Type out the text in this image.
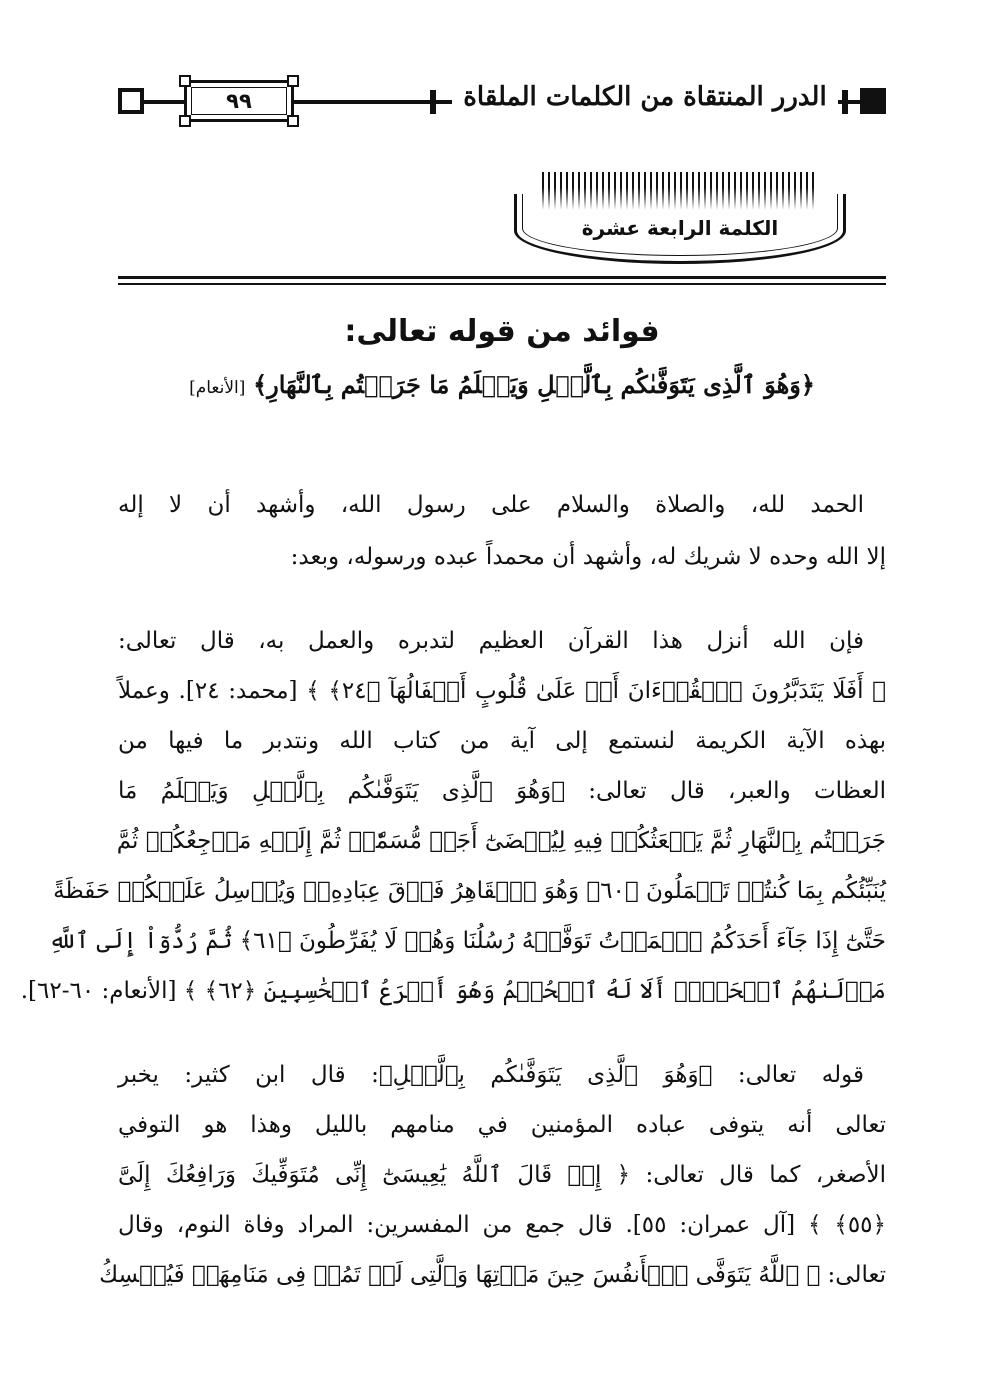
٩٩	الدرر المنتقاة من الكلمات الملقاة
الكلمة الرابعة عشرة
فوائد من قوله تعالى:
﴿وَهُوَ ٱلَّذِى يَتَوَفَّىٰكُم بِٱلَّيۡلِ وَيَعۡلَمُ مَا جَرَحۡتُم بِٱلنَّهَارِ﴾ [الأنعام]
الحمد لله، والصلاة والسلام على رسول الله، وأشهد أن لا إله
إلا الله وحده لا شريك له، وأشهد أن محمداً عبده ورسوله، وبعد:
فإن الله أنزل هذا القرآن العظيم لتدبره والعمل به، قال تعالى:
﴿ أَفَلَا يَتَدَبَّرُونَ ٱلۡقُرۡءَانَ أَمۡ عَلَىٰ قُلُوبٍ أَقۡفَالُهَآ ﴿٢٤﴾ ﴾ [محمد: ٢٤]. وعملاً
بهذه الآية الكريمة لنستمع إلى آية من كتاب الله ونتدبر ما فيها من
العظات والعبر، قال تعالى: ﴿وَهُوَ ٱلَّذِى يَتَوَفَّىٰكُم بِٱلَّيۡلِ وَيَعۡلَمُ مَا
جَرَحۡتُم بِٱلنَّهَارِ ثُمَّ يَبۡعَثُكُمۡ فِيهِ لِيُقۡضَىٰٓ أَجَلٞ مُّسَمّٗىۖ ثُمَّ إِلَيۡهِ مَرۡجِعُكُمۡ ثُمَّ
يُنَبِّئُكُم بِمَا كُنتُمۡ تَعۡمَلُونَ ﴿٦٠﴾ وَهُوَ ٱلۡقَاهِرُ فَوۡقَ عِبَادِهِۦۖ وَيُرۡسِلُ عَلَيۡكُمۡ حَفَظَةً
حَتَّىٰٓ إِذَا جَآءَ أَحَدَكُمُ ٱلۡمَوۡتُ تَوَفَّتۡهُ رُسُلُنَا وَهُمۡ لَا يُفَرِّطُونَ ﴿٦١﴾ ثُمَّ رُدُّوٓاْ إِلَى ٱللَّهِ
مَوۡلَىٰهُمُ ٱلۡحَقِّۚ أَلَا لَهُ ٱلۡحُكۡمُ وَهُوَ أَسۡرَعُ ٱلۡحَٰسِبِينَ ﴿٦٢﴾ ﴾ [الأنعام: ٦٠-٦٢].
قوله تعالى: ﴿وَهُوَ ٱلَّذِى يَتَوَفَّىٰكُم بِٱلَّيۡلِ﴾: قال ابن كثير: يخبر
تعالى أنه يتوفى عباده المؤمنين في منامهم بالليل وهذا هو التوفي
الأصغر، كما قال تعالى: ﴿ إِذۡ قَالَ ٱللَّهُ يَٰعِيسَىٰٓ إِنِّى مُتَوَفِّيكَ وَرَافِعُكَ إِلَىَّ
﴿٥٥﴾ ﴾ [آل عمران: ٥٥]. قال جمع من المفسرين: المراد وفاة النوم، وقال
تعالى: ﴿ ٱللَّهُ يَتَوَفَّى ٱلۡأَنفُسَ حِينَ مَوۡتِهَا وَٱلَّتِى لَمۡ تَمُتۡ فِى مَنَامِهَاۖ فَيُمۡسِكُ
